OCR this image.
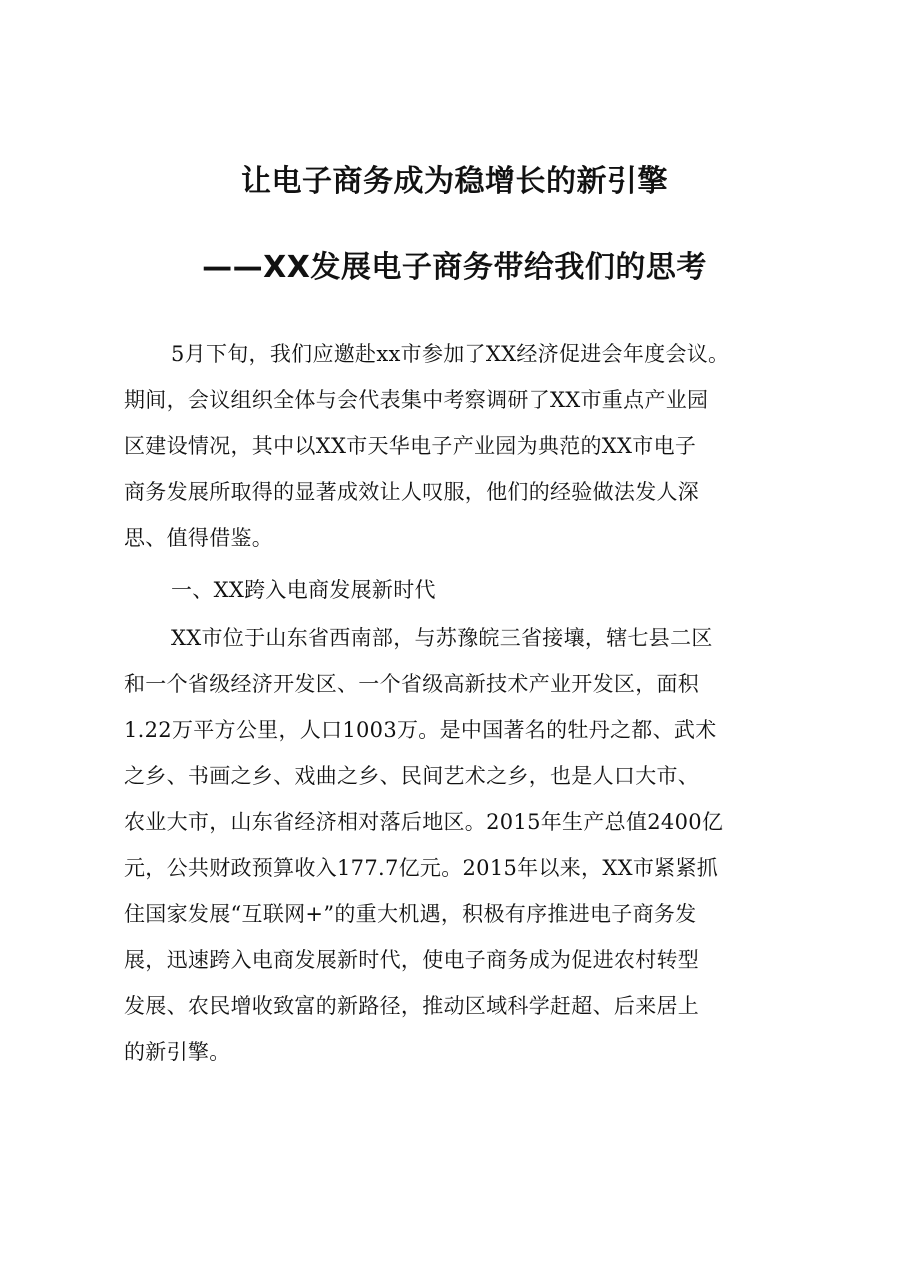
让电子商务成为稳增长的新引擎
——XX发展电子商务带给我们的思考
5月下旬，我们应邀赴xx市参加了XX经济促进会年度会议。
期间，会议组织全体与会代表集中考察调研了XX市重点产业园
区建设情况，其中以XX市天华电子产业园为典范的XX市电子
商务发展所取得的显著成效让人叹服，他们的经验做法发人深
思、值得借鉴。
一、XX跨入电商发展新时代
XX市位于山东省西南部，与苏豫皖三省接壤，辖七县二区
和一个省级经济开发区、一个省级高新技术产业开发区，面积
1.22万平方公里，人口1003万。是中国著名的牡丹之都、武术
之乡、书画之乡、戏曲之乡、民间艺术之乡，也是人口大市、
农业大市，山东省经济相对落后地区。2015年生产总值2400亿
元，公共财政预算收入177.7亿元。2015年以来，XX市紧紧抓
住国家发展“互联网+”的重大机遇，积极有序推进电子商务发
展，迅速跨入电商发展新时代，使电子商务成为促进农村转型
发展、农民增收致富的新路径，推动区域科学赶超、后来居上
的新引擎。
